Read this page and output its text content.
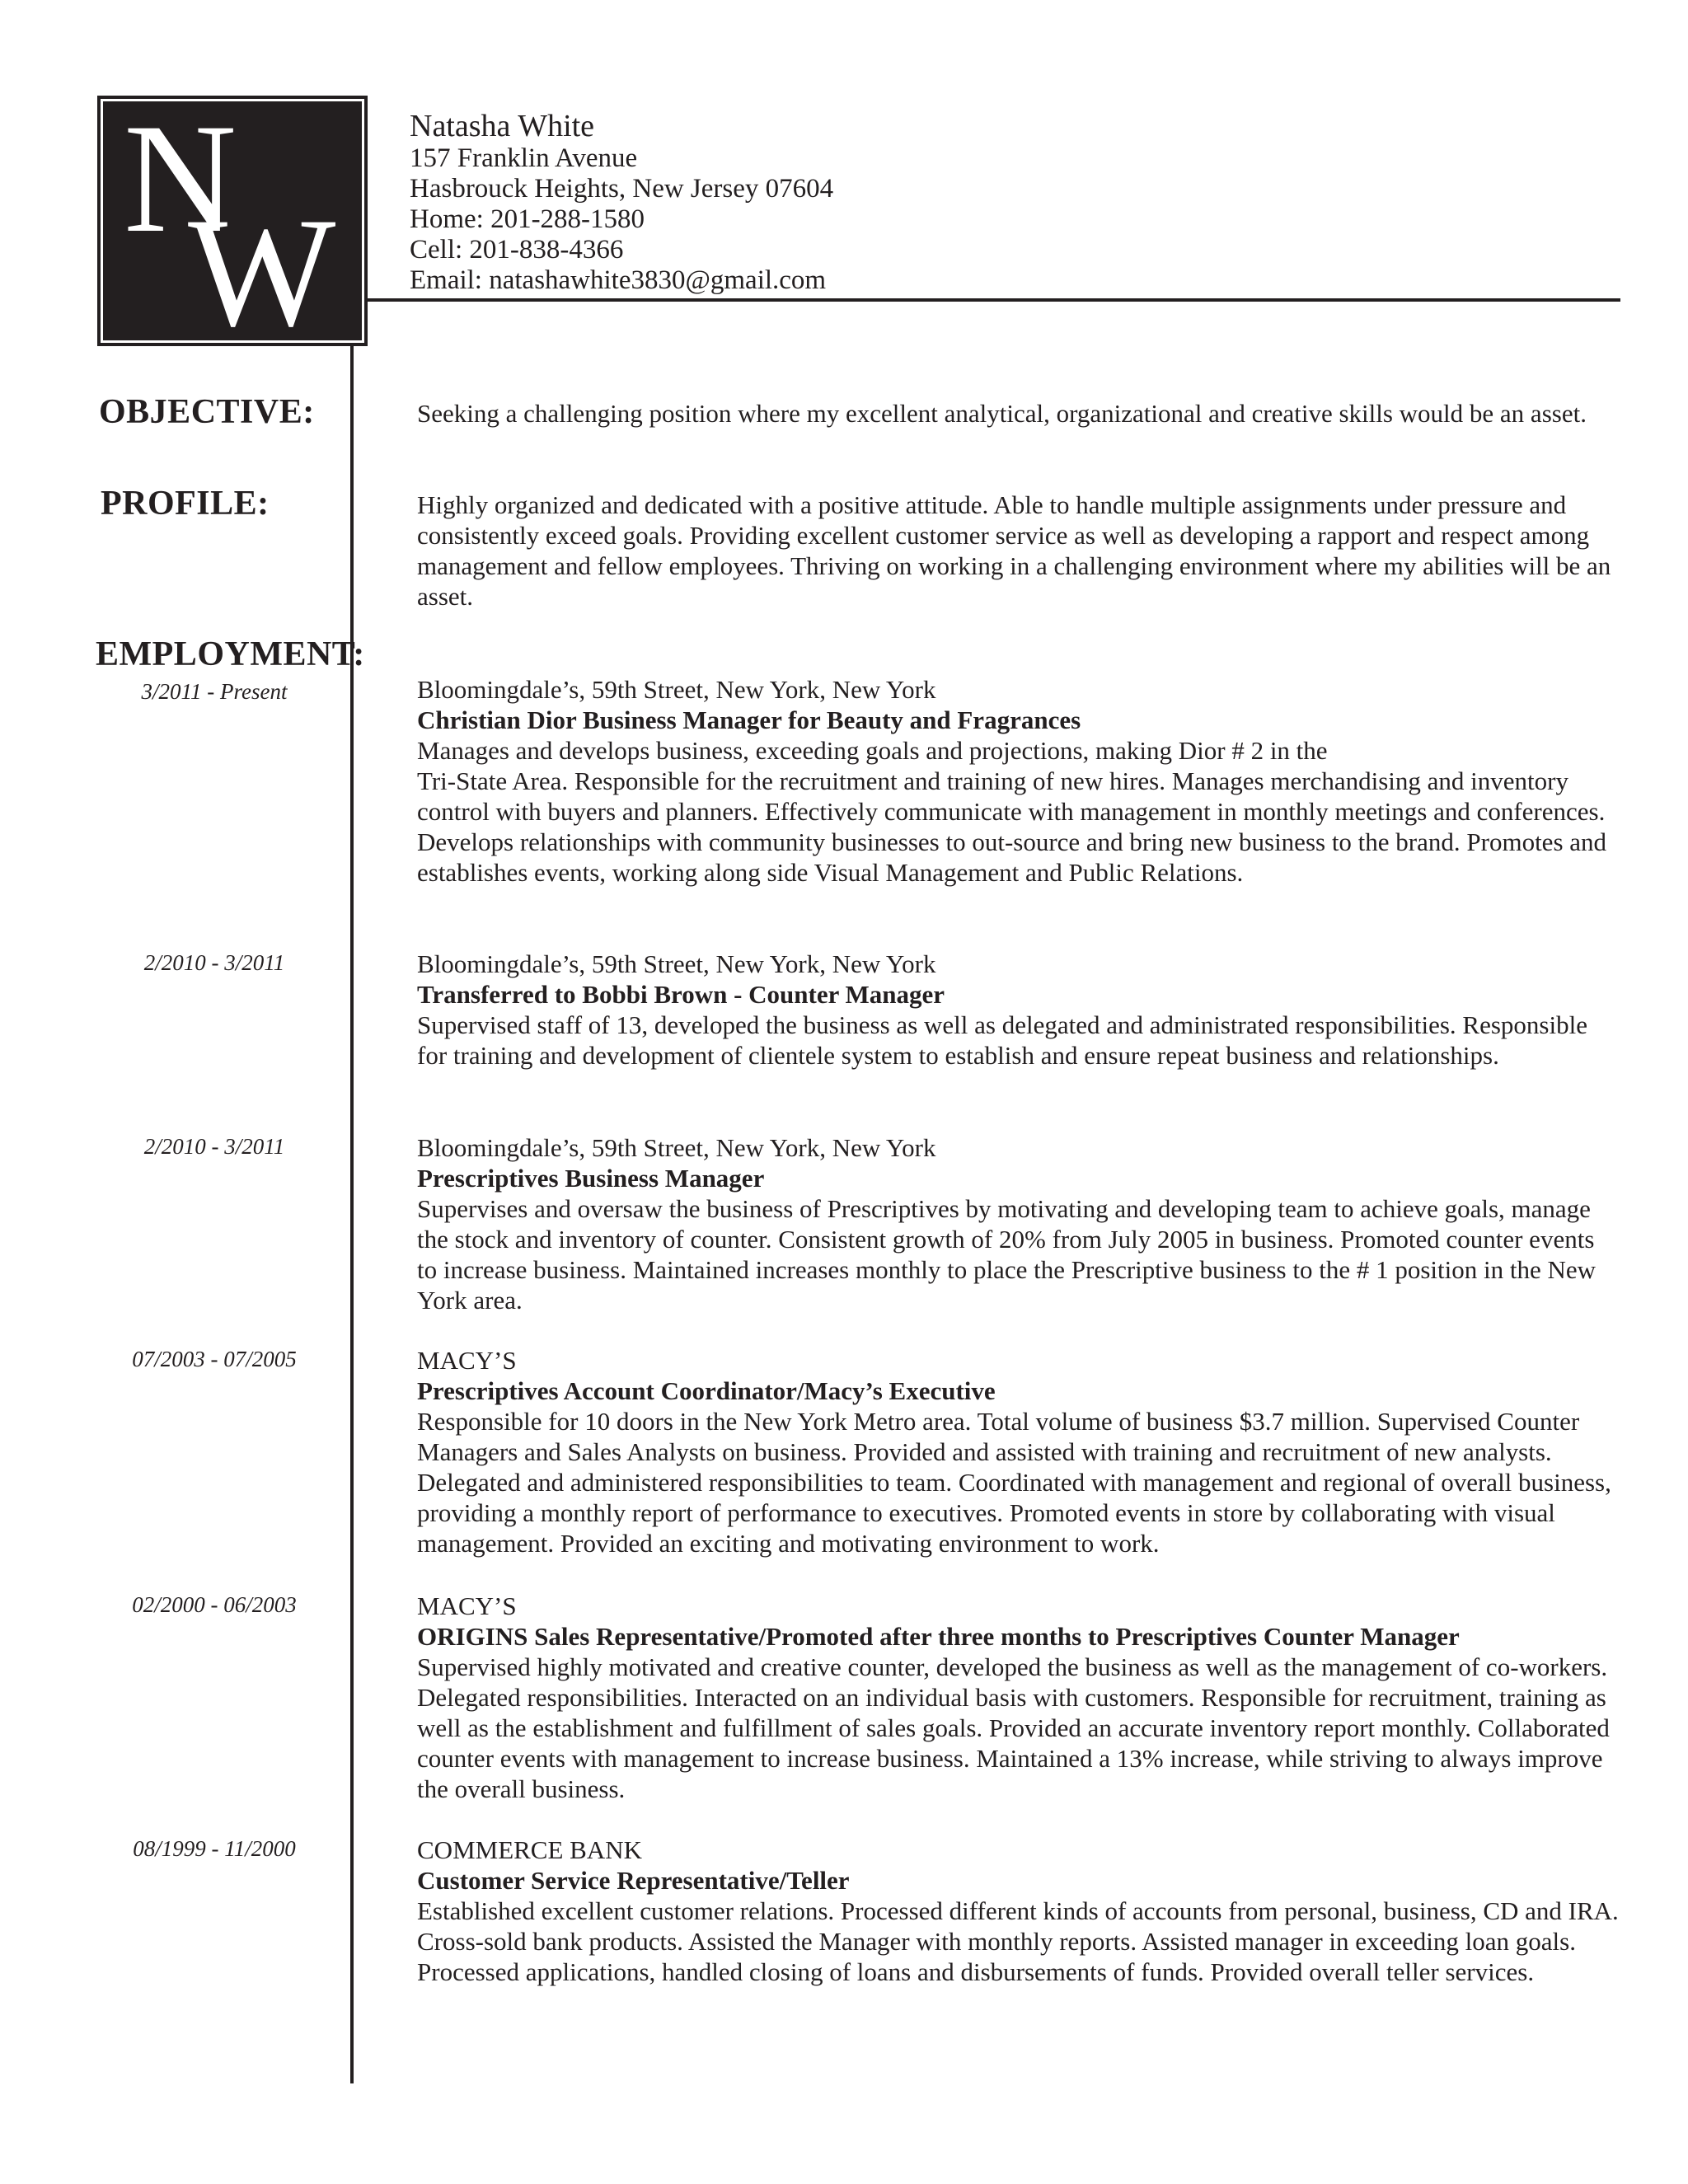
N
W
Natasha White
157 Franklin Avenue
Hasbrouck Heights, New Jersey 07604
Home: 201-288-1580
Cell: 201-838-4366
Email: natashawhite3830@gmail.com
OBJECTIVE:	Seeking a challenging position where my excellent analytical, organizational and creative skills would be an asset.
PROFILE:	Highly organized and dedicated with a positive attitude. Able to handle multiple assignments under pressure and consistently exceed goals. Providing excellent customer service as well as developing a rapport and respect among management and fellow employees. Thriving on working in a challenging environment where my abilities will be an asset.
EMPLOYMENT:
3/2011 - Present	Bloomingdale’s, 59th Street, New York, New York
Christian Dior Business Manager for Beauty and Fragrances
Manages and develops business, exceeding goals and projections, making Dior # 2 in the
Tri-State Area. Responsible for the recruitment and training of new hires. Manages merchandising and inventory control with buyers and planners. Effectively communicate with management in monthly meetings and conferences. Develops relationships with community businesses to out-source and bring new business to the brand. Promotes and establishes events, working along side Visual Management and Public Relations.
2/2010 - 3/2011	Bloomingdale’s, 59th Street, New York, New York
Transferred to Bobbi Brown - Counter Manager
Supervised staff of 13, developed the business as well as delegated and administrated responsibilities. Responsible for training and development of clientele system to establish and ensure repeat business and relationships.
2/2010 - 3/2011	Bloomingdale’s, 59th Street, New York, New York
Prescriptives Business Manager
Supervises and oversaw the business of Prescriptives by motivating and developing team to achieve goals, manage the stock and inventory of counter. Consistent growth of 20% from July 2005 in business. Promoted counter events to increase business. Maintained increases monthly to place the Prescriptive business to the # 1 position in the New York area.
07/2003 - 07/2005	MACY’S
Prescriptives Account Coordinator/Macy’s Executive
Responsible for 10 doors in the New York Metro area. Total volume of business $3.7 million. Supervised Counter Managers and Sales Analysts on business. Provided and assisted with training and recruitment of new analysts. Delegated and administered responsibilities to team. Coordinated with management and regional of overall business, providing a monthly report of performance to executives. Promoted events in store by collaborating with visual management. Provided an exciting and motivating environment to work.
02/2000 - 06/2003	MACY’S
ORIGINS Sales Representative/Promoted after three months to Prescriptives Counter Manager
Supervised highly motivated and creative counter, developed the business as well as the management of co-workers. Delegated responsibilities. Interacted on an individual basis with customers. Responsible for recruitment, training as well as the establishment and fulfillment of sales goals. Provided an accurate inventory report monthly. Collaborated counter events with management to increase business. Maintained a 13% increase, while striving to always improve the overall business.
08/1999 - 11/2000	COMMERCE BANK
Customer Service Representative/Teller
Established excellent customer relations. Processed different kinds of accounts from personal, business, CD and IRA. Cross-sold bank products. Assisted the Manager with monthly reports. Assisted manager in exceeding loan goals. Processed applications, handled closing of loans and disbursements of funds. Provided overall teller services.
